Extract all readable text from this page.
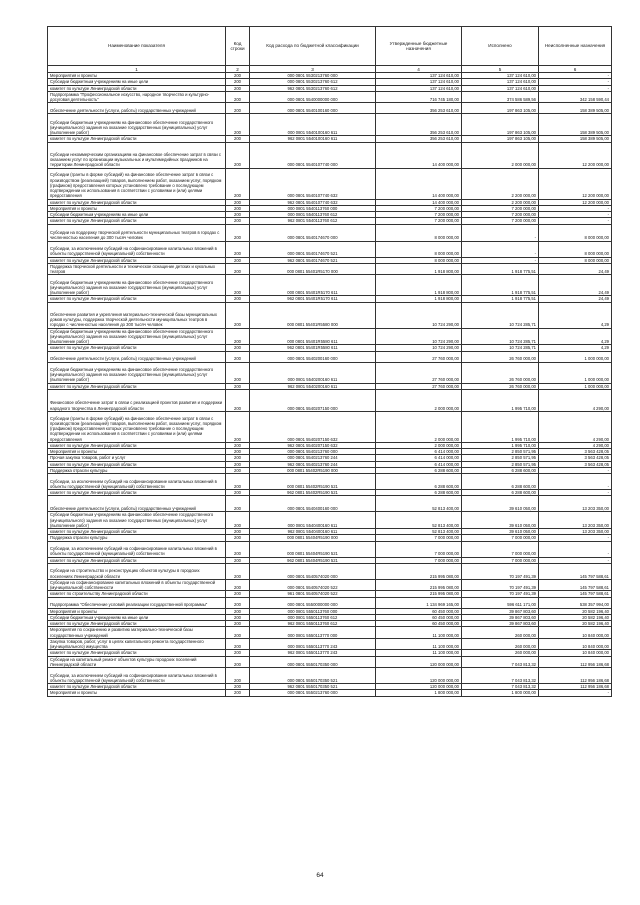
Наименование показателя	Код строки	Код расхода по бюджетной классификации	Утвержденные бюджетные назначения	Исполнено	Неисполненные назначения
1	2	3	4	5	6
Мероприятия и проекты	200	000 0801 5530213760 000	137 124 610,00	137 124 610,00	-
Субсидии бюджетным учреждениям на иные цели	200	000 0801 5530213760 612	137 124 610,00	137 124 610,00	-
комитет по культуре Ленинградской области	200	962 0801 5530213760 612	137 124 610,00	137 124 610,00	-
Подпрограмма "Профессиональное искусство, народное творчество и культурно-досуговая деятельность"	200	000 0801 5540000000 000	716 745 180,00	374 586 589,56	342 158 590,44
Обеспечение деятельности (услуги, работы) государственных учреждений	200	000 0801 5540100160 000	356 253 610,00	197 863 105,00	158 389 505,00
Субсидии бюджетным учреждениям на финансовое обеспечение государственного (муниципального) задания на оказание государственных (муниципальных) услуг (выполнение работ)	200	000 0801 5540100160 611	356 253 610,00	197 863 105,00	158 389 505,00
комитет по культуре Ленинградской области	200	962 0801 5540100160 611	356 253 610,00	197 863 105,00	158 389 505,00
Субсидии некоммерческим организациям на финансовое обеспечение затрат в связи с оказанием услуг по организации музыкальных и мультимедийных праздников на территории Ленинградской области	200	000 0801 5540107740 000	14 400 000,00	2 000 000,00	12 200 000,00
Субсидии (гранты в форме субсидий) на финансовое обеспечение затрат в связи с производством (реализацией) товаров, выполнением работ, оказанием услуг, порядком (графиком) предоставления которых установлено требование о последующем подтверждении их использования в соответствии с условиями и (или) целями предоставления	200	000 0801 5540107740 632	14 400 000,00	2 200 000,00	12 200 000,00
комитет по культуре Ленинградской области	200	962 0801 5540107740 632	14 400 000,00	2 200 000,00	12 200 000,00
Мероприятия и проекты	200	000 0801 5540113760 000	7 200 000,00	7 200 000,00	-
Субсидии бюджетным учреждениям на иные цели	200	000 0801 5540113760 612	7 200 000,00	7 200 000,00	-
комитет по культуре Ленинградской области	200	962 0801 5540113760 612	7 200 000,00	7 200 000,00	-
Субсидии на поддержку творческой деятельности муниципальных театров в городах с численностью населения до 300 тысяч человек	200	000 0801 5540174670 000	8 000 000,00	-	8 000 000,00
Субсидии, за исключением субсидий на софинансирование капитальных вложений в объекты государственной (муниципальной) собственности	200	000 0801 5540174670 521	8 000 000,00	-	8 000 000,00
комитет по культуре Ленинградской области	200	962 0801 5540174670 521	8 000 000,00	-	8 000 000,00
Поддержка творческой деятельности и техническое оснащение детских и кукольных театров	200	000 0801 55401R5170 000	1 918 800,00	1 918 775,51	24,49
Субсидии бюджетным учреждениям на финансовое обеспечение государственного (муниципального) задания на оказание государственных (муниципальных) услуг (выполнение работ)	200	000 0801 55401R5170 611	1 918 800,00	1 918 775,51	24,49
комитет по культуре Ленинградской области	200	962 0801 55401R5170 611	1 918 800,00	1 918 775,51	24,49
Обеспечение развития и укрепления материально-технической базы муниципальных домов культуры, поддержка творческой деятельности муниципальных театров в городах с численностью населения до 300 тысяч человек	200	000 0801 55401R5580 000	10 724 290,00	10 724 285,71	4,29
Субсидии бюджетным учреждениям на финансовое обеспечение государственного (муниципального) задания на оказание государственных (муниципальных) услуг (выполнение работ)	200	000 0801 55401R5580 611	10 724 290,00	10 724 285,71	4,29
комитет по культуре Ленинградской области	200	962 0801 55401R5580 611	10 724 290,00	10 724 285,71	4,29
Обеспечение деятельности (услуги, работы) государственных учреждений	200	000 0801 5540200160 000	27 760 000,00	26 760 000,00	1 000 000,00
Субсидии бюджетным учреждениям на финансовое обеспечение государственного (муниципального) задания на оказание государственных (муниципальных) услуг (выполнение работ)	200	000 0801 5540200160 611	27 760 000,00	26 760 000,00	1 000 000,00
комитет по культуре Ленинградской области	200	962 0801 5540200160 611	27 760 000,00	26 760 000,00	1 000 000,00
Финансовое обеспечение затрат в связи с реализацией проектов развития и поддержки народного творчества в Ленинградской области	200	000 0801 5540207150 000	2 000 000,00	1 995 710,00	4 290,00
Субсидии (гранты в форме субсидий) на финансовое обеспечение затрат в связи с производством (реализацией) товаров, выполнением работ, оказанием услуг, порядком (графиком) предоставления которых установлено требование о последующем подтверждении их использования в соответствии с условиями и (или) целями предоставления	200	000 0801 5540207150 632	2 000 000,00	1 995 710,00	4 290,00
комитет по культуре Ленинградской области	200	962 0801 5540207150 632	2 000 000,00	1 995 710,00	4 290,00
Мероприятия и проекты	200	000 0801 5540213760 000	6 414 000,00	2 850 571,95	3 563 428,05
Прочая закупка товаров, работ и услуг	200	000 0801 5540213760 244	6 414 000,00	2 850 571,95	3 563 428,05
комитет по культуре Ленинградской области	200	962 0801 5540213760 244	6 414 000,00	2 850 571,95	3 563 428,05
Поддержка отрасли культуры	200	000 0801 55402R5190 000	6 288 600,00	6 288 600,00	-
Субсидии, за исключением субсидий на софинансирование капитальных вложений в объекты государственной (муниципальной) собственности	200	000 0801 55402R5190 521	6 288 600,00	6 288 600,00	-
комитет по культуре Ленинградской области	200	962 0801 55402R5190 521	6 288 600,00	6 288 600,00	-
Обеспечение деятельности (услуги, работы) государственных учреждений	200	000 0801 5540400160 000	52 813 400,00	39 610 050,00	13 203 350,00
Субсидии бюджетным учреждениям на финансовое обеспечение государственного (муниципального) задания на оказание государственных (муниципальных) услуг (выполнение работ)	200	000 0801 5540400160 611	52 813 400,00	39 610 050,00	13 203 350,00
комитет по культуре Ленинградской области	200	962 0801 5540400160 611	52 813 400,00	39 610 050,00	13 203 350,00
Поддержка отрасли культуры	200	000 0801 55404R5190 000	7 000 000,00	7 000 000,00	-
Субсидии, за исключением субсидий на софинансирование капитальных вложений в объекты государственной (муниципальной) собственности	200	000 0801 55404R5190 521	7 000 000,00	7 000 000,00	-
комитет по культуре Ленинградской области	200	962 0801 55404R5190 521	7 000 000,00	7 000 000,00	-
Субсидии на строительство и реконструкцию объектов культуры в городских поселениях Ленинградской области	200	000 0801 5540574020 000	215 995 080,00	70 197 491,39	145 797 588,61
Субсидии на софинансирование капитальных вложений в объекты государственной (муниципальной) собственности	200	000 0801 5540574020 522	215 995 080,00	70 197 491,39	145 797 588,61
комитет по строительству Ленинградской области	200	961 0801 5540574020 522	215 995 080,00	70 197 491,39	145 797 588,61
Подпрограмма "Обеспечение условий реализации государственной программы"	200	000 0801 5550000000 000	1 134 969 165,00	596 611 171,00	538 357 994,00
Мероприятия и проекты	200	000 0801 5550113760 000	60 450 000,00	39 867 803,60	20 582 196,40
Субсидии бюджетным учреждениям на иные цели	200	000 0801 5550113760 612	60 450 000,00	39 867 803,60	20 582 196,40
комитет по культуре Ленинградской области	200	962 0801 5550113760 612	60 450 000,00	39 867 803,60	20 582 196,40
Мероприятия по сохранению и развитию материально-технической базы государственных учреждений	200	000 0801 5550113770 000	11 100 000,00	260 000,00	10 840 000,00
Закупка товаров, работ, услуг в целях капитального ремонта государственного (муниципального) имущества	200	000 0801 5550113770 243	11 100 000,00	260 000,00	10 840 000,00
комитет по культуре Ленинградской области	200	962 0801 5550113770 243	11 100 000,00	260 000,00	10 840 000,00
Субсидии на капитальный ремонт объектов культуры городских поселений Ленинградской области	200	000 0801 5550170350 000	120 000 000,00	7 043 813,32	112 956 186,68
Субсидии, за исключением субсидий на софинансирование капитальных вложений в объекты государственной (муниципальной) собственности	200	000 0801 5550170350 521	120 000 000,00	7 043 813,32	112 956 186,68
комитет по культуре Ленинградской области	200	962 0801 5550170350 521	120 000 000,00	7 043 813,32	112 956 186,68
Мероприятия и проекты	200	000 0801 5550213760 000	1 800 000,00	1 800 000,00	-
64
